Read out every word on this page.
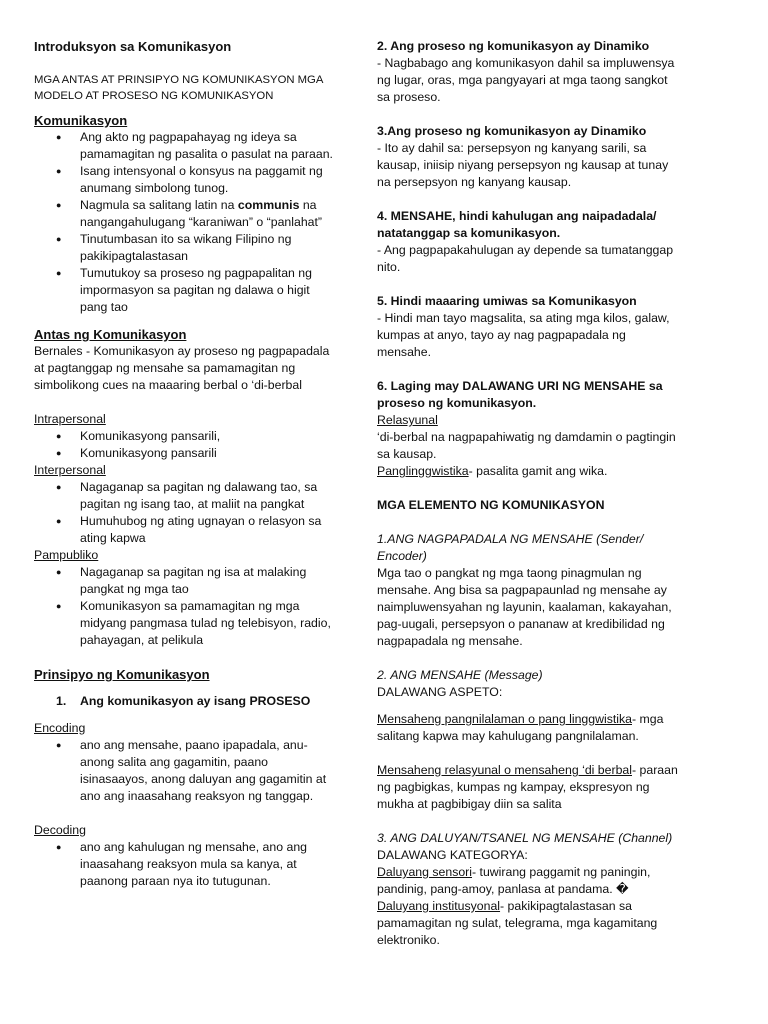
Introduksyon sa Komunikasyon

MGA ANTAS AT PRINSIPYO NG KOMUNIKASYON MGA MODELO AT PROSESO NG KOMUNIKASYON

Komunikasyon

● Ang akto ng pagpapahayag ng ideya sa pamamagitan ng pasalita o pasulat na paraan.
● Isang intensyonal o konsyus na paggamit ng anumang simbolong tunog.
● Nagmula sa salitang latin na communis na nangangahulugang “karaniwan” o “panlahat”
● Tinutumbasan ito sa wikang Filipino ng pakikipagtalastasan
● Tumutukoy sa proseso ng pagpapalitan ng impormasyon sa pagitan ng dalawa o higit pang tao

Antas ng Komunikasyon

Bernales - Komunikasyon ay proseso ng pagpapadala at pagtanggap ng mensahe sa pamamagitan ng simbolikong cues na maaaring berbal o ‘di-berbal

Intrapersonal

● Komunikasyong pansarili,
● Komunikasyong pansarili

Interpersonal

● Nagaganap sa pagitan ng dalawang tao, sa pagitan ng isang tao, at maliit na pangkat
● Humuhubog ng ating ugnayan o relasyon sa ating kapwa

Pampubliko

● Nagaganap sa pagitan ng isa at malaking pangkat ng mga tao
● Komunikasyon sa pamamagitan ng mga midyang pangmasa tulad ng telebisyon, radio, pahayagan, at pelikula

Prinsipyo ng Komunikasyon

1. Ang komunikasyon ay isang PROSESO

Encoding

● ano ang mensahe, paano ipapadala, anu-anong salita ang gagamitin, paano isinasaayos, anong daluyan ang gagamitin at ano ang inaasahang reaksyon ng tanggap.

Decoding

● ano ang kahulugan ng mensahe, ano ang inaasahang reaksyon mula sa kanya, at paanong paraan nya ito tutugunan.

2. Ang proseso ng komunikasyon ay Dinamiko

- Nagbabago ang komunikasyon dahil sa impluwensya ng lugar, oras, mga pangyayari at mga taong sangkot sa proseso.

3.Ang proseso ng komunikasyon ay Dinamiko

- Ito ay dahil sa: persepsyon ng kanyang sarili, sa kausap, iniisip niyang persepsyon ng kausap at tunay na persepsyon ng kanyang kausap.

4. MENSAHE, hindi kahulugan ang naipadadala/ natatanggap sa komunikasyon.

- Ang pagpapakahulugan ay depende sa tumatanggap nito.

5. Hindi maaaring umiwas sa Komunikasyon

- Hindi man tayo magsalita, sa ating mga kilos, galaw, kumpas at anyo, tayo ay nag pagpapadala ng mensahe.

6. Laging may DALAWANG URI NG MENSAHE sa proseso ng komunikasyon.

Relasyunal

‘di-berbal na nagpapahiwatig ng damdamin o pagtingin sa kausap.

Panglinggwistika- pasalita gamit ang wika.

MGA ELEMENTO NG KOMUNIKASYON

1.ANG NAGPAPADALA NG MENSAHE (Sender/ Encoder)

Mga tao o pangkat ng mga taong pinagmulan ng mensahe. Ang bisa sa pagpapaunlad ng mensahe ay naimpluwensyahan ng layunin, kaalaman, kakayahan, pag-uugali, persepsyon o pananaw at kredibilidad ng nagpapadala ng mensahe.

2. ANG MENSAHE (Message)

DALAWANG ASPETO:

Mensaheng pangnilalaman o pang linggwistika- mga salitang kapwa may kahulugang pangnilalaman.

Mensaheng relasyunal o mensaheng ‘di berbal- paraan ng pagbigkas, kumpas ng kampay, ekspresyon ng mukha at pagbibigay diin sa salita

3. ANG DALUYAN/TSANEL NG MENSAHE (Channel)

DALAWANG KATEGORYA:

Daluyang sensori- tuwirang paggamit ng paningin, pandinig, pang-amoy, panlasa at pandama. �

Daluyang institusyonal- pakikipagtalastasan sa pamamagitan ng sulat, telegrama, mga kagamitang elektroniko.
